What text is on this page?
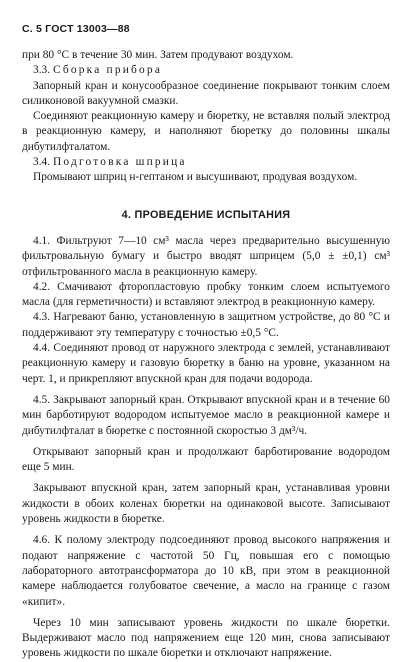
С. 5 ГОСТ 13003—88

при 80 °С в течение 30 мин. Затем продувают воздухом.

3.3. Сборка прибора

Запорный кран и конусообразное соединение покрывают тонким слоем силиконовой вакуумной смазки.

Соединяют реакционную камеру и бюретку, не вставляя полый электрод в реакционную камеру, и наполняют бюретку до половины шкалы дибутилфталатом.

3.4. Подготовка шприца

Промывают шприц н-гептаном и высушивают, продувая воздухом.

4. ПРОВЕДЕНИЕ ИСПЫТАНИЯ

4.1. Фильтруют 7—10 см³ масла через предварительно высушенную фильтровальную бумагу и быстро вводят шприцем (5,0 ± ±0,1) см³ отфильтрованного масла в реакционную камеру.

4.2. Смачивают фторопластовую пробку тонким слоем испытуемого масла (для герметичности) и вставляют электрод в реакционную камеру.

4.3. Нагревают баню, установленную в защитном устройстве, до 80 °С и поддерживают эту температуру с точностью ±0,5 °С.

4.4. Соединяют провод от наружного электрода с землей, устанавливают реакционную камеру и газовую бюретку в баню на уровне, указанном на черт. 1, и прикрепляют впускной кран для подачи водорода.

4.5. Закрывают запорный кран. Открывают впускной кран и в течение 60 мин барботируют водородом испытуемое масло в реакционной камере и дибутилфталат в бюретке с постоянной скоростью 3 дм³/ч.

Открывают запорный кран и продолжают барботирование водородом еще 5 мин.

Закрывают впускной кран, затем запорный кран, устанавливая уровни жидкости в обоих коленах бюретки на одинаковой высоте. Записывают уровень жидкости в бюретке.

4.6. К полому электроду подсоединяют провод высокого напряжения и подают напряжение с частотой 50 Гц, повышая его с помощью лабораторного автотрансформатора до 10 кВ, при этом в реакционной камере наблюдается голубоватое свечение, а масло на границе с газом «кипит».

Через 10 мин записывают уровень жидкости по шкале бюретки. Выдерживают масло под напряжением еще 120 мин, снова записывают уровень жидкости по шкале бюретки и отключают напряжение.
